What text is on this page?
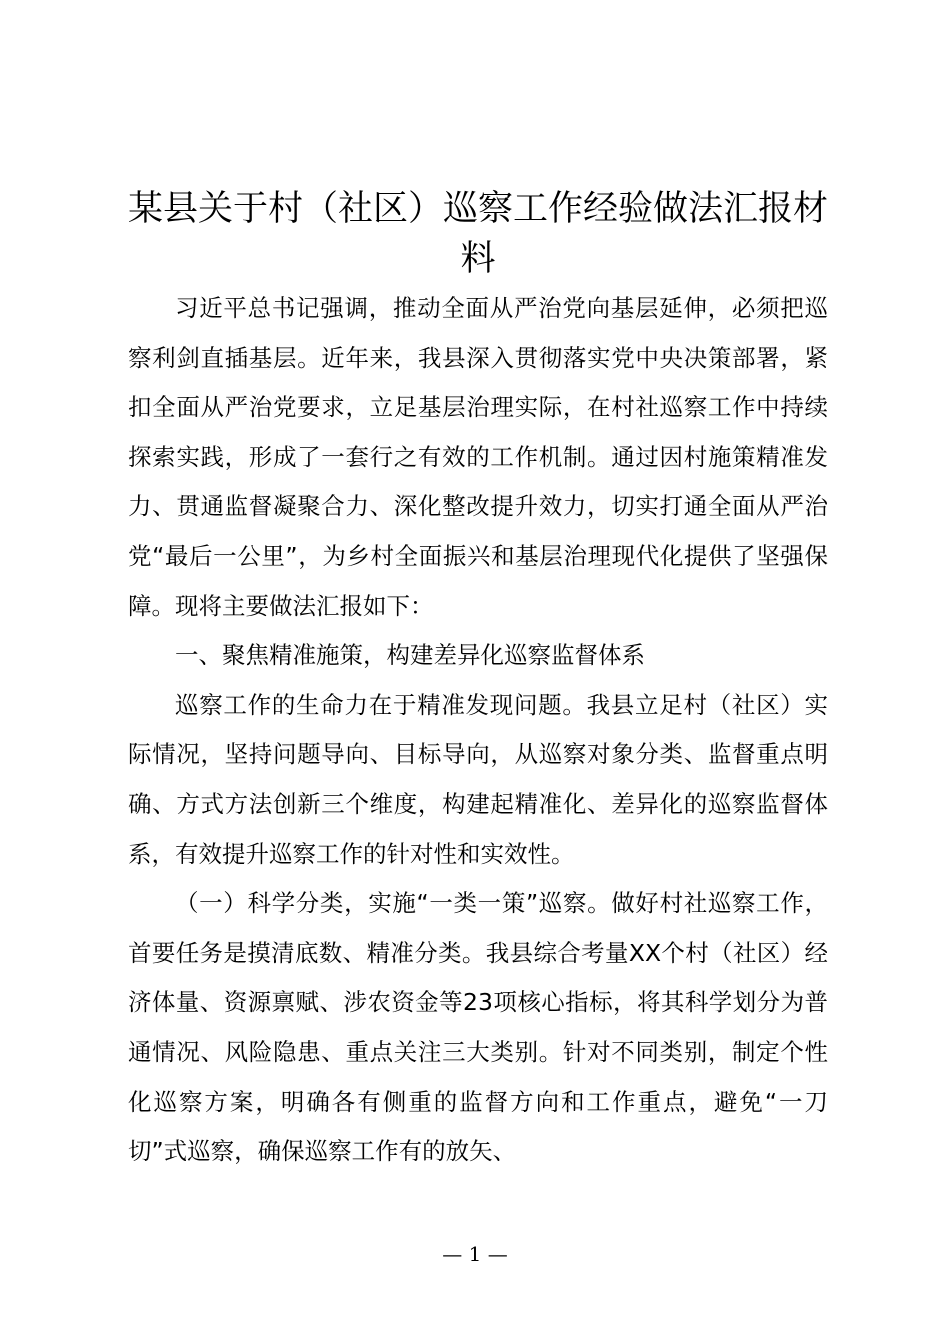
某县关于村（社区）巡察工作经验做法汇报材料

习近平总书记强调，推动全面从严治党向基层延伸，必须把巡察利剑直插基层。近年来，我县深入贯彻落实党中央决策部署，紧扣全面从严治党要求，立足基层治理实际，在村社巡察工作中持续探索实践，形成了一套行之有效的工作机制。通过因村施策精准发力、贯通监督凝聚合力、深化整改提升效力，切实打通全面从严治党“最后一公里”，为乡村全面振兴和基层治理现代化提供了坚强保障。现将主要做法汇报如下：

一、聚焦精准施策，构建差异化巡察监督体系

巡察工作的生命力在于精准发现问题。我县立足村（社区）实际情况，坚持问题导向、目标导向，从巡察对象分类、监督重点明确、方式方法创新三个维度，构建起精准化、差异化的巡察监督体系，有效提升巡察工作的针对性和实效性。

（一）科学分类，实施“一类一策”巡察。做好村社巡察工作，首要任务是摸清底数、精准分类。我县综合考量XX个村（社区）经济体量、资源禀赋、涉农资金等23项核心指标，将其科学划分为普通情况、风险隐患、重点关注三大类别。针对不同类别，制定个性化巡察方案，明确各有侧重的监督方向和工作重点，避免“一刀切”式巡察，确保巡察工作有的放矢、

— 1 —
